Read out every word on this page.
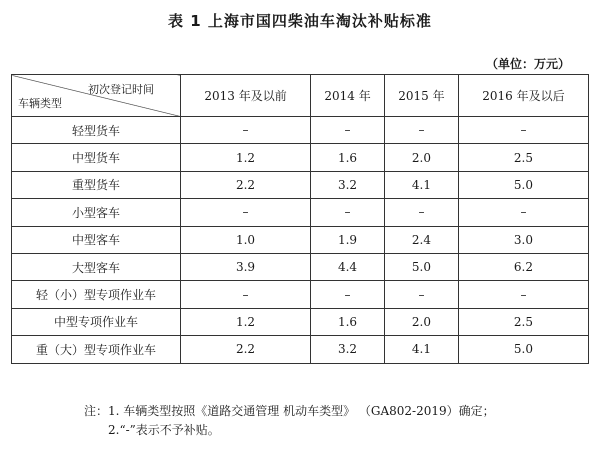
表 1 上海市国四柴油车淘汰补贴标准
（单位：万元）
初次登记时间
车辆类型	2013 年及以前	2014 年	2015 年	2016 年及以后
轻型货车	–	–	–	–
中型货车	1.2	1.6	2.0	2.5
重型货车	2.2	3.2	4.1	5.0
小型客车	–	–	–	–
中型客车	1.0	1.9	2.4	3.0
大型客车	3.9	4.4	5.0	6.2
轻（小）型专项作业车	–	–	–	–
中型专项作业车	1.2	1.6	2.0	2.5
重（大）型专项作业车	2.2	3.2	4.1	5.0
注：1. 车辆类型按照《道路交通管理 机动车类型》 （GA802-2019）确定；
2.“-”表示不予补贴。
